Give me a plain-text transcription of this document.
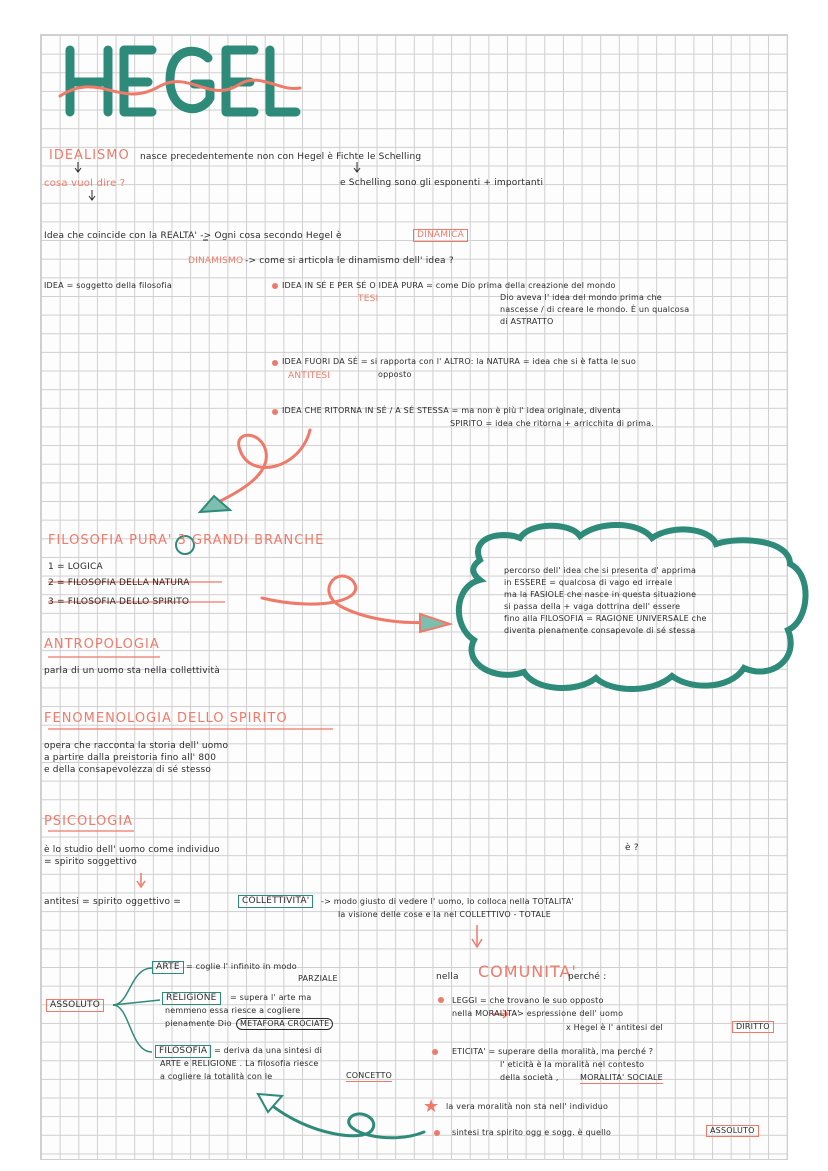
★
IDEALISMO nasce precedentemente non con Hegel è Fichte le Schelling
cosa vuol dire ?	e Schelling sono gli esponenti + importanti
Idea che coincide con la REALTA' -> Ogni cosa secondo Hegel è	DINAMICA
DINAMISMO -> come si articola le dinamismo dell' idea ?
IDEA = soggetto della filosofia	IDEA IN SÉ E PER SÉ O IDEA PURA = come Dio prima della creazione del mondo
TESI	Dio aveva l' idea del mondo prima che
nascesse / di creare le mondo. È un qualcosa
di ASTRATTO
IDEA FUORI DA SÉ = si rapporta con l' ALTRO: la NATURA = idea che si è fatta le suo
ANTITESI	opposto
IDEA CHE RITORNA IN SÉ / A SÉ STESSA = ma non è più l' idea originale, diventa
SPIRITO = idea che ritorna + arricchita di prima.
FILOSOFIA PURA' 3 GRANDI BRANCHE
1 = LOGICA
2 = FILOSOFIA DELLA NATURA
3 = FILOSOFIA DELLO SPIRITO
percorso dell' idea che si presenta d' apprima
in ESSERE = qualcosa di vago ed irreale
ma la FASIOLE che nasce in questa situazione
si passa della + vaga dottrina dell' essere
fino alla FILOSOFIA = RAGIONE UNIVERSALE che
diventa pienamente consapevole di sé stessa
ANTROPOLOGIA
parla di un uomo sta nella collettività
FENOMENOLOGIA DELLO SPIRITO
opera che racconta la storia dell' uomo
a partire dalla preistoria fino all' 800
e della consapevolezza di sé stesso
PSICOLOGIA
è lo studio dell' uomo come individuo
= spirito soggettivo
è ?
antitesi = spirito oggettivo =	COLLETTIVITA'	-> modo giusto di vedere l' uomo, lo colloca nella TOTALITA'
la visione delle cose e la nel COLLETTIVO - TOTALE
ASSOLUTO
ARTE = coglie l' infinito in modo
PARZIALE
RELIGIONE	= supera l' arte ma
nemmeno essa riesce a cogliere
pienamente Dio	METAFORA CROCIATE
FILOSOFIA = deriva da una sintesi di
ARTE e RELIGIONE . La filosofia riesce
a cogliere la totalità con le	CONCETTO
nella COMUNITA'
perché :
LEGGI = che trovano le suo opposto
nella MORALITA'
-> espressione dell' uomo
x Hegel è l' antitesi del	DIRITTO
ETICITA' = superare della moralità, ma perché ?
l' eticità è la moralità nel contesto
della società ,	MORALITA' SOCIALE
la vera moralità non sta nell' individuo
sintesi tra spirito ogg e sogg. è quello	ASSOLUTO
